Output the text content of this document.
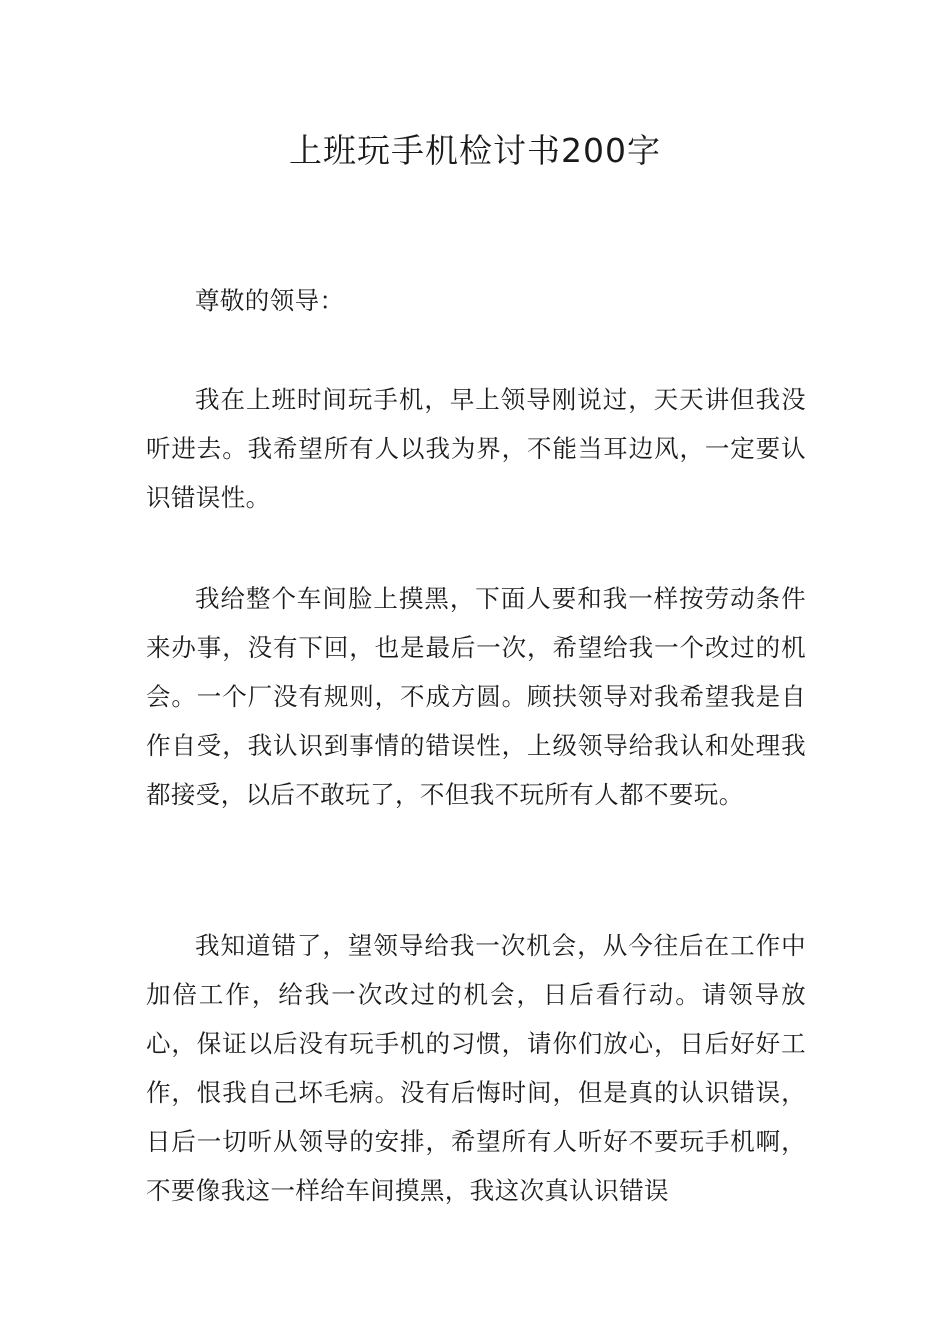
上班玩手机检讨书200字

尊敬的领导：

我在上班时间玩手机，早上领导刚说过，天天讲但我没听进去。我希望所有人以我为界，不能当耳边风，一定要认识错误性。

我给整个车间脸上摸黑，下面人要和我一样按劳动条件来办事，没有下回，也是最后一次，希望给我一个改过的机会。一个厂没有规则，不成方圆。顾扶领导对我希望我是自作自受，我认识到事情的错误性，上级领导给我认和处理我都接受，以后不敢玩了，不但我不玩所有人都不要玩。

我知道错了，望领导给我一次机会，从今往后在工作中加倍工作，给我一次改过的机会，日后看行动。请领导放心，保证以后没有玩手机的习惯，请你们放心，日后好好工作，恨我自己坏毛病。没有后悔时间，但是真的认识错误，日后一切听从领导的安排，希望所有人听好不要玩手机啊，不要像我这一样给车间摸黑，我这次真认识错误
